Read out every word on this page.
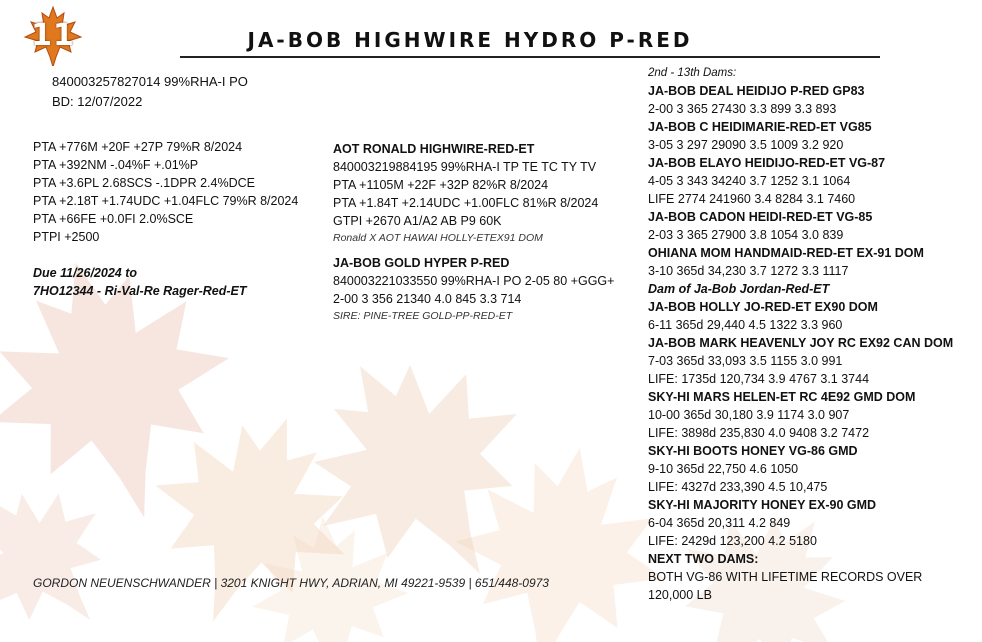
11	JA-BOB HIGHWIRE HYDRO P-RED
840003257827014 99%RHA-I PO
BD: 12/07/2022
PTA +776M +20F +27P 79%R 8/2024
PTA +392NM -.04%F +.01%P
PTA +3.6PL 2.68SCS -.1DPR 2.4%DCE
PTA +2.18T +1.74UDC +1.04FLC 79%R 8/2024
PTA +66FE +0.0FI 2.0%SCE
PTPI +2500
Due 11/26/2024 to
7HO12344 - Ri-Val-Re Rager-Red-ET
AOT RONALD HIGHWIRE-RED-ET
840003219884195 99%RHA-I TP TE TC TY TV
PTA +1105M +22F +32P 82%R 8/2024
PTA +1.84T +2.14UDC +1.00FLC 81%R 8/2024
GTPI +2670 A1/A2 AB P9 60K
Ronald X AOT HAWAI HOLLY-ETEX91 DOM
JA-BOB GOLD HYPER P-RED
840003221033550 99%RHA-I PO 2-05 80 +GGG+
2-00 3 356 21340 4.0 845 3.3 714
SIRE: PINE-TREE GOLD-PP-RED-ET
2nd - 13th Dams:
JA-BOB DEAL HEIDIJO P-RED GP83
2-00 3 365 27430 3.3 899 3.3 893
JA-BOB C HEIDIMARIE-RED-ET VG85
3-05 3 297 29090 3.5 1009 3.2 920
JA-BOB ELAYO HEIDIJO-RED-ET VG-87
4-05 3 343 34240 3.7 1252 3.1 1064
LIFE 2774 241960 3.4 8284 3.1 7460
JA-BOB CADON HEIDI-RED-ET VG-85
2-03 3 365 27900 3.8 1054 3.0 839
OHIANA MOM HANDMAID-RED-ET EX-91 DOM
3-10 365d 34,230 3.7 1272 3.3 1117
Dam of Ja-Bob Jordan-Red-ET
JA-BOB HOLLY JO-RED-ET EX90 DOM
6-11 365d 29,440 4.5 1322 3.3 960
JA-BOB MARK HEAVENLY JOY RC EX92 CAN DOM
7-03 365d 33,093 3.5 1155 3.0 991
LIFE: 1735d 120,734 3.9 4767 3.1 3744
SKY-HI MARS HELEN-ET RC 4E92 GMD DOM
10-00 365d 30,180 3.9 1174 3.0 907
LIFE: 3898d 235,830 4.0 9408 3.2 7472
SKY-HI BOOTS HONEY VG-86 GMD
9-10 365d 22,750 4.6 1050
LIFE: 4327d 233,390 4.5 10,475
SKY-HI MAJORITY HONEY EX-90 GMD
6-04 365d 20,311 4.2 849
LIFE: 2429d 123,200 4.2 5180
NEXT TWO DAMS:
BOTH VG-86 WITH LIFETIME RECORDS OVER
120,000 LB
GORDON NEUENSCHWANDER | 3201 KNIGHT HWY, ADRIAN, MI 49221-9539 | 651/448-0973
